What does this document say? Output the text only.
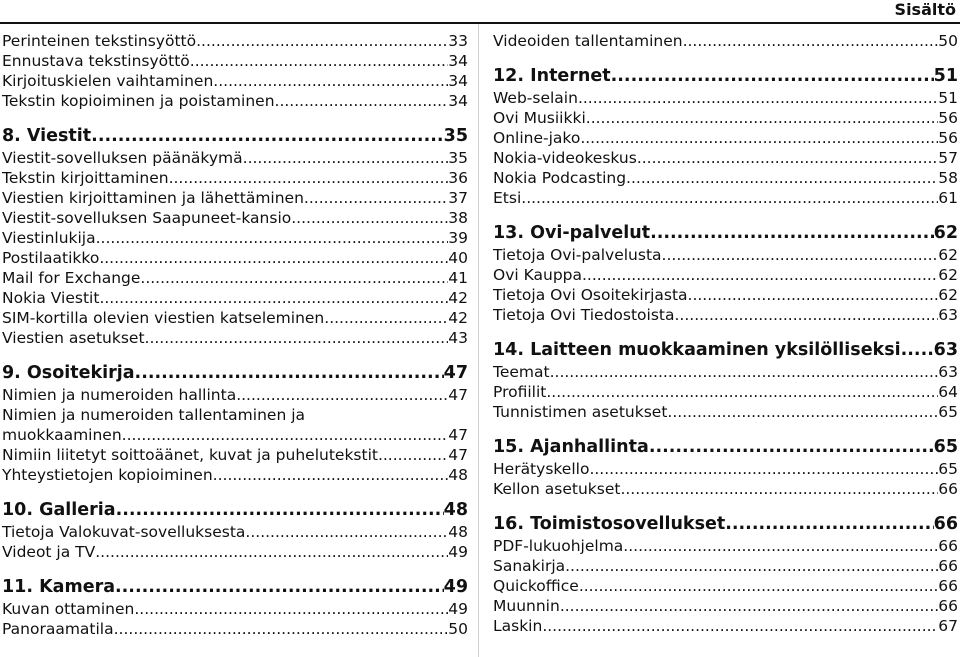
Sisältö
Perinteinen tekstinsyöttö .....	33
Ennustava tekstinsyöttö .....	34
Kirjoituskielen vaihtaminen .....	34
Tekstin kopioiminen ja poistaminen .....	34
8. Viestit .....	35
Viestit-sovelluksen päänäkymä .....	35
Tekstin kirjoittaminen .....	36
Viestien kirjoittaminen ja lähettäminen .....	37
Viestit-sovelluksen Saapuneet-kansio .....	38
Viestinlukija .....	39
Postilaatikko .....	40
Mail for Exchange .....	41
Nokia Viestit .....	42
SIM-kortilla olevien viestien katseleminen .....	42
Viestien asetukset .....	43
9. Osoitekirja .....	47
Nimien ja numeroiden hallinta .....	47
Nimien ja numeroiden tallentaminen ja
muokkaaminen .....	47
Nimiin liitetyt soittoäänet, kuvat ja puhelutekstit .....	47
Yhteystietojen kopioiminen .....	48
10. Galleria .....	48
Tietoja Valokuvat-sovelluksesta .....	48
Videot ja TV .....	49
11. Kamera .....	49
Kuvan ottaminen .....	49
Panoraamatila .....	50
Videoiden tallentaminen .....	50
12. Internet .....	51
Web-selain .....	51
Ovi Musiikki .....	56
Online-jako .....	56
Nokia-videokeskus .....	57
Nokia Podcasting .....	58
Etsi .....	61
13. Ovi-palvelut .....	62
Tietoja Ovi-palvelusta .....	62
Ovi Kauppa .....	62
Tietoja Ovi Osoitekirjasta .....	62
Tietoja Ovi Tiedostoista .....	63
14. Laitteen muokkaaminen yksilölliseksi ..... 63
Teemat .....	63
Profiilit .....	64
Tunnistimen asetukset .....	65
15. Ajanhallinta .....	65
Herätyskello .....	65
Kellon asetukset .....	66
16. Toimistosovellukset .....	66
PDF-lukuohjelma .....	66
Sanakirja .....	66
Quickoffice .....	66
Muunnin .....	66
Laskin .....	67
